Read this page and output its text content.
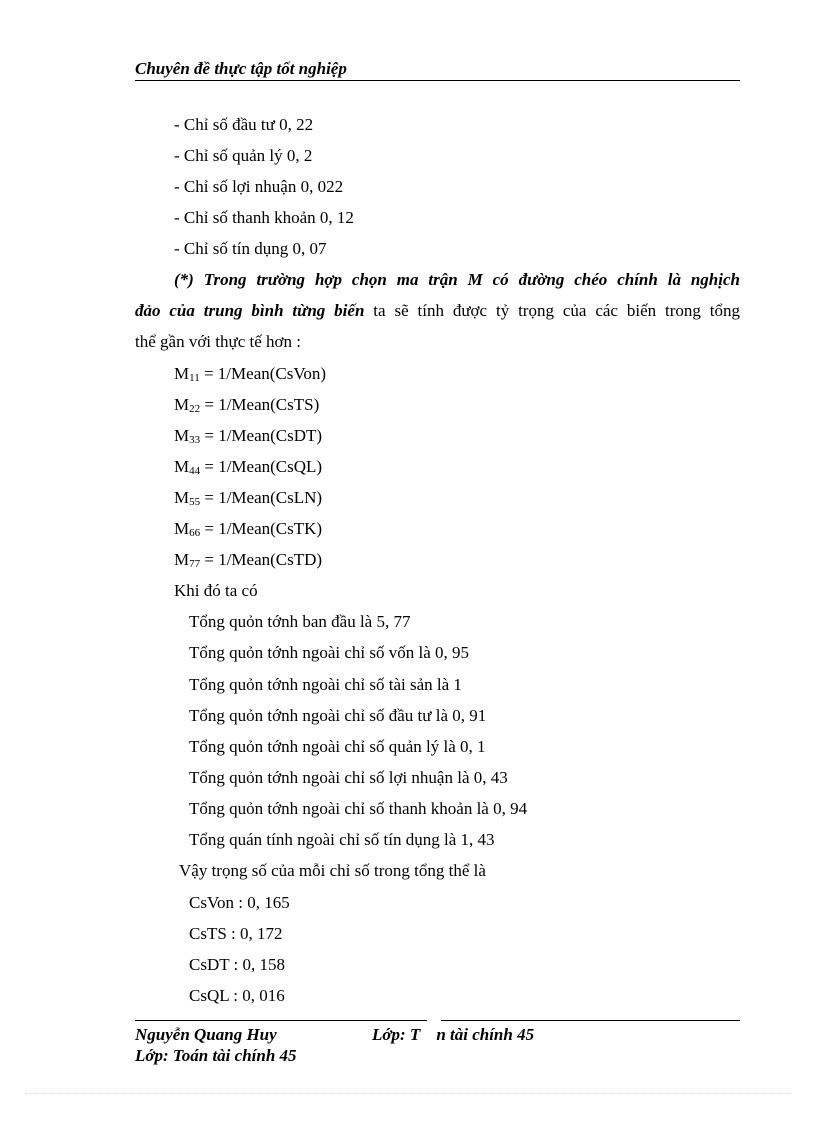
Chuyên đề thực tập tốt nghiệp
- Chỉ số đầu tư 0, 22
- Chỉ số quản lý 0, 2
- Chỉ số lợi nhuận 0, 022
- Chỉ số thanh khoản 0, 12
- Chỉ số tín dụng 0, 07
(*) Trong trường hợp chọn ma trận M có đường chéo chính là nghịch
đảo của trung bình từng biến ta sẽ tính được tỷ trọng của các biến trong tổng
thể gần với thực tế hơn :
M11 = 1/Mean(CsVon)
M22 = 1/Mean(CsTS)
M33 = 1/Mean(CsDT)
M44 = 1/Mean(CsQL)
M55 = 1/Mean(CsLN)
M66 = 1/Mean(CsTK)
M77 = 1/Mean(CsTD)
Khi đó ta có
Tổng quỏn tớnh ban đầu là 5, 77
Tổng quỏn tớnh ngoài chỉ số vốn là 0, 95
Tổng quỏn tớnh ngoài chỉ số tài sản là 1
Tổng quỏn tớnh ngoài chỉ số đầu tư là 0, 91
Tổng quỏn tớnh ngoài chỉ số quản lý là 0, 1
Tổng quỏn tớnh ngoài chỉ số lợi nhuận là 0, 43
Tổng quỏn tớnh ngoài chỉ số thanh khoản là 0, 94
Tổng quán tính ngoài chỉ số tín dụng là 1, 43
Vậy trọng số của mỗi chỉ số trong tổng thể là
CsVon : 0, 165
CsTS : 0, 172
CsDT : 0, 158
CsQL : 0, 016
Nguyễn Quang Huy	Lớp: T n tài chính 45
Lớp: Toán tài chính 45
